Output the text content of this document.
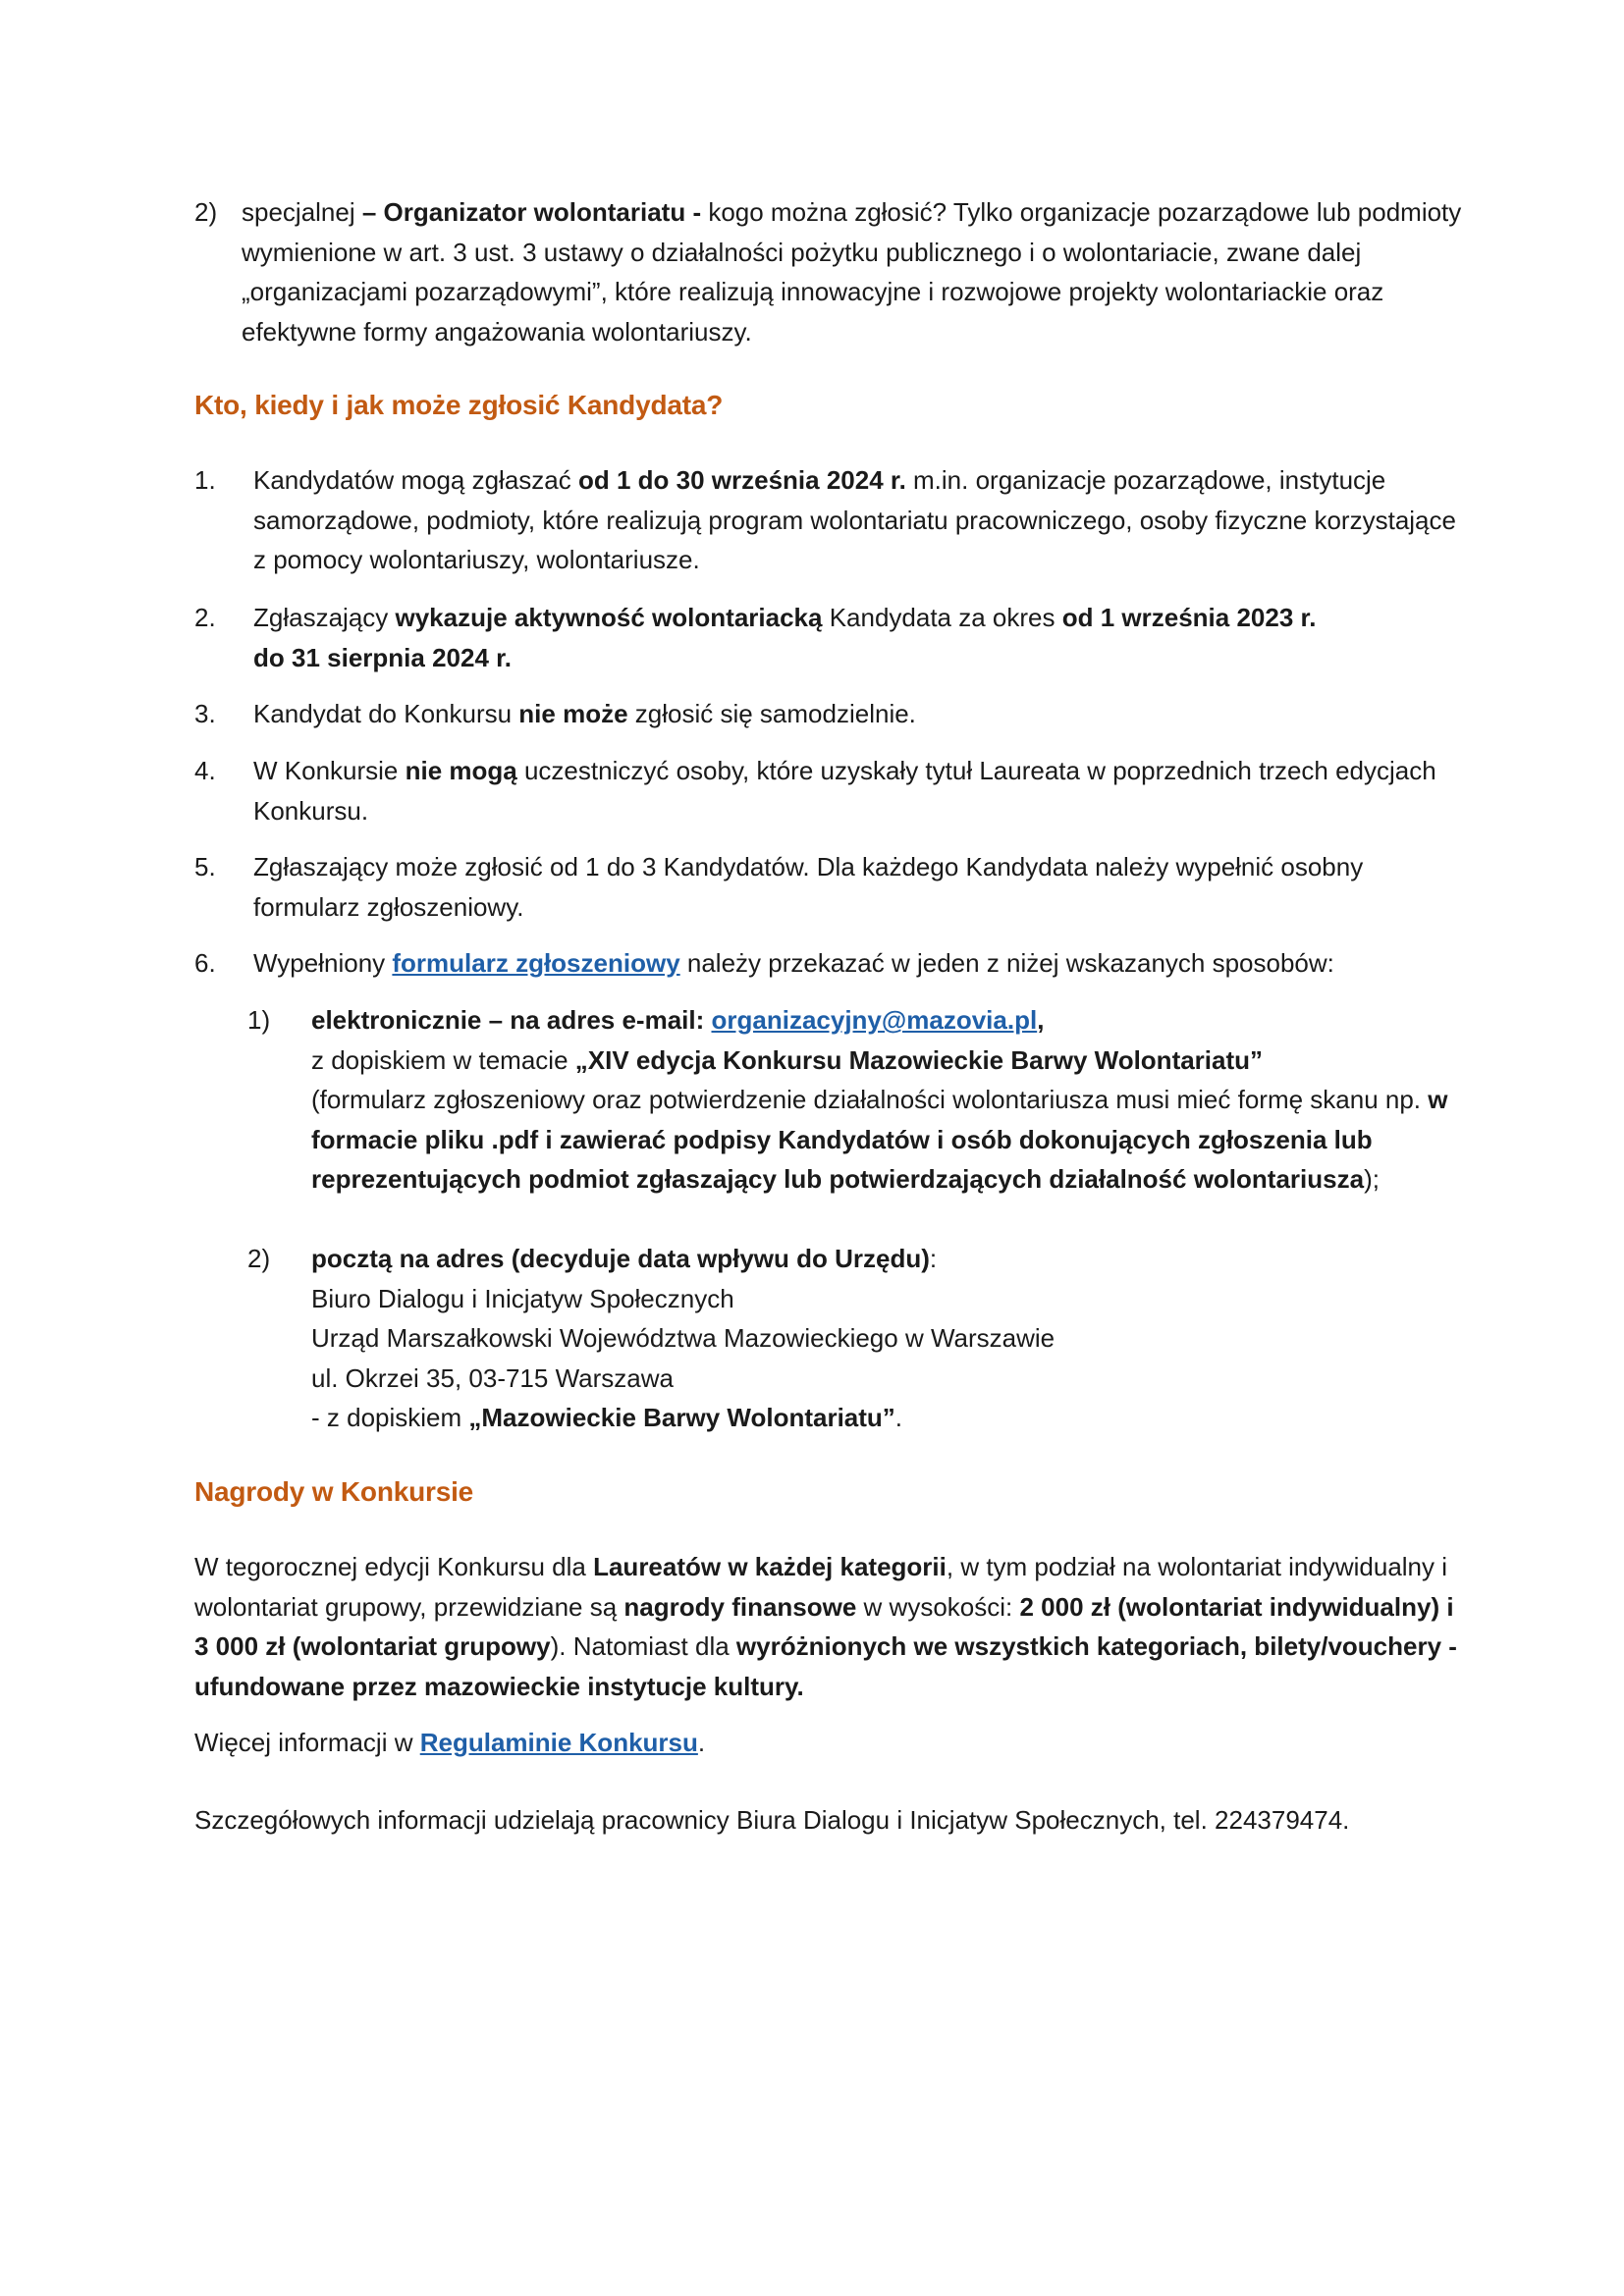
2) specjalnej – Organizator wolontariatu - kogo można zgłosić? Tylko organizacje pozarządowe lub podmioty wymienione w art. 3 ust. 3 ustawy o działalności pożytku publicznego i o wolontariacie, zwane dalej „organizacjami pozarządowymi”, które realizują innowacyjne i rozwojowe projekty wolontariackie oraz efektywne formy angażowania wolontariuszy.
Kto, kiedy i jak może zgłosić Kandydata?
1. Kandydatów mogą zgłaszać od 1 do 30 września 2024 r. m.in. organizacje pozarządowe, instytucje samorządowe, podmioty, które realizują program wolontariatu pracowniczego, osoby fizyczne korzystające z pomocy wolontariuszy, wolontariusze.
2. Zgłaszający wykazuje aktywność wolontariacką Kandydata za okres od 1 września 2023 r.
do 31 sierpnia 2024 r.
3. Kandydat do Konkursu nie może zgłosić się samodzielnie.
4. W Konkursie nie mogą uczestniczyć osoby, które uzyskały tytuł Laureata w poprzednich trzech edycjach Konkursu.
5. Zgłaszający może zgłosić od 1 do 3 Kandydatów. Dla każdego Kandydata należy wypełnić osobny formularz zgłoszeniowy.
6. Wypełniony formularz zgłoszeniowy należy przekazać w jeden z niżej wskazanych sposobów:
1) elektronicznie – na adres e-mail: organizacyjny@mazovia.pl,
z dopiskiem w temacie „XIV edycja Konkursu Mazowieckie Barwy Wolontariatu”
(formularz zgłoszeniowy oraz potwierdzenie działalności wolontariusza musi mieć formę skanu np. w formacie pliku .pdf i zawierać podpisy Kandydatów i osób dokonujących zgłoszenia lub reprezentujących podmiot zgłaszający lub potwierdzających działalność wolontariusza);
2) pocztą na adres (decyduje data wpływu do Urzędu):
Biuro Dialogu i Inicjatyw Społecznych
Urząd Marszałkowski Województwa Mazowieckiego w Warszawie
ul. Okrzei 35, 03-715 Warszawa
- z dopiskiem „Mazowieckie Barwy Wolontariatu”.
Nagrody w Konkursie

W tegorocznej edycji Konkursu dla Laureatów w każdej kategorii, w tym podział na wolontariat indywidualny i wolontariat grupowy, przewidziane są nagrody finansowe w wysokości: 2 000 zł (wolontariat indywidualny) i 3 000 zł (wolontariat grupowy). Natomiast dla wyróżnionych we wszystkich kategoriach, bilety/vouchery - ufundowane przez mazowieckie instytucje kultury.

Więcej informacji w Regulaminie Konkursu.

Szczegółowych informacji udzielają pracownicy Biura Dialogu i Inicjatyw Społecznych, tel. 224379474.
